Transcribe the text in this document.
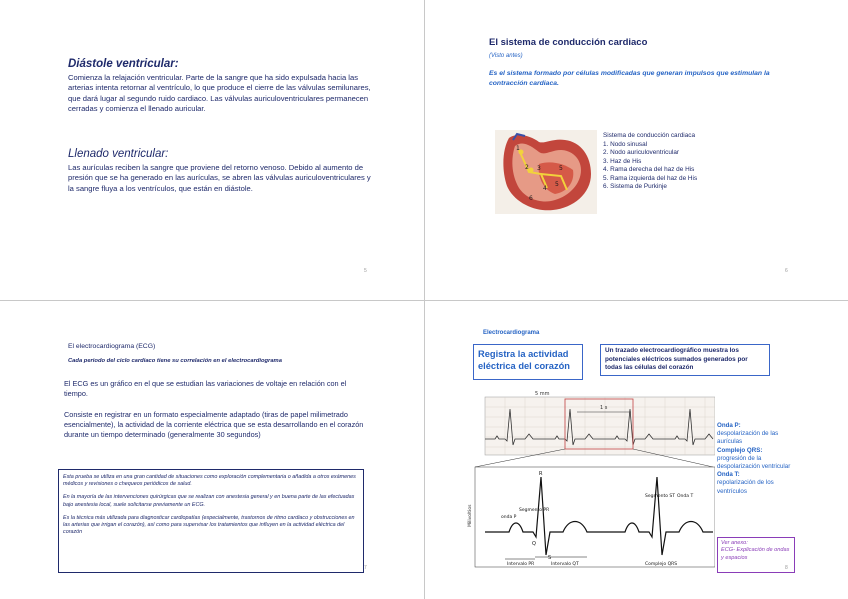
Diástole ventricular:
Comienza la relajación ventricular. Parte de la sangre que ha sido expulsada hacia las arterias intenta retornar al ventrículo, lo que produce el cierre de las válvulas semilunares, que dará lugar al segundo ruido cardiaco. Las válvulas auriculoventriculares permanecen cerradas y comienza el llenado auricular.
Llenado ventricular:
Las aurículas reciben la sangre que proviene del retorno venoso. Debido al aumento de presión que se ha generado en las aurículas, se abren las válvulas auriculoventriculares y la sangre fluya a los ventrículos, que están en diástole.
5
El sistema de conducción cardiaco
(Visto antes)
Es el sistema formado por células modificadas que generan impulsos que estimulan la contracción cardiaca.
1
2 3
4
5
5
6
Sistema de conducción cardiaca
1. Nodo sinusal
2. Nodo auriculoventricular
3. Haz de His
4. Rama derecha del haz de His
5. Rama izquierda del haz de His
6. Sistema de Purkinje
6
El electrocardiograma (ECG)
Cada periodo del ciclo cardiaco tiene su correlación en el electrocardiograma
El ECG es un gráfico en el que se estudian las variaciones de voltaje en relación con el tiempo.
Consiste en registrar en un formato especialmente adaptado (tiras de papel milimetrado esencialmente), la actividad de la corriente eléctrica que se esta desarrollando en el corazón durante un tiempo determinado (generalmente 30 segundos)
Esta prueba se utiliza en una gran cantidad de situaciones como exploración complementaria o añadida a otros exámenes médicos y revisiones o chequeos periódicos de salud.
En la mayoría de las intervenciones quirúrgicas que se realizan con anestesia general y en buena parte de las efectuadas bajo anestesia local, suele solicitarse previamente un ECG.
Es la técnica más utilizada para diagnosticar cardiopatías (especialmente, trastornos de ritmo cardiaco y obstrucciones en las arterias que irrigan el corazón), así como para supervisar los tratamientos que influyen en la actividad eléctrica del corazón
7
Electrocardiograma
Registra la actividad eléctrica del corazón
Un trazado electrocardiográfico muestra los potenciales eléctricos sumados generados por todas las células del corazón
5 mm
1 s
Milivoltios	onda P
Segmento PR
R
Q
S
Segmento ST Onda T
Complejo QRS
Intervalo PR	Intervalo QT
Onda P:
despolarización de las aurículas
Complejo QRS:
progresión de la despolarización ventricular
Onda T:
repolarización de los ventrículos
Ver anexo:
ECG- Explicación de ondas y espacios
8
